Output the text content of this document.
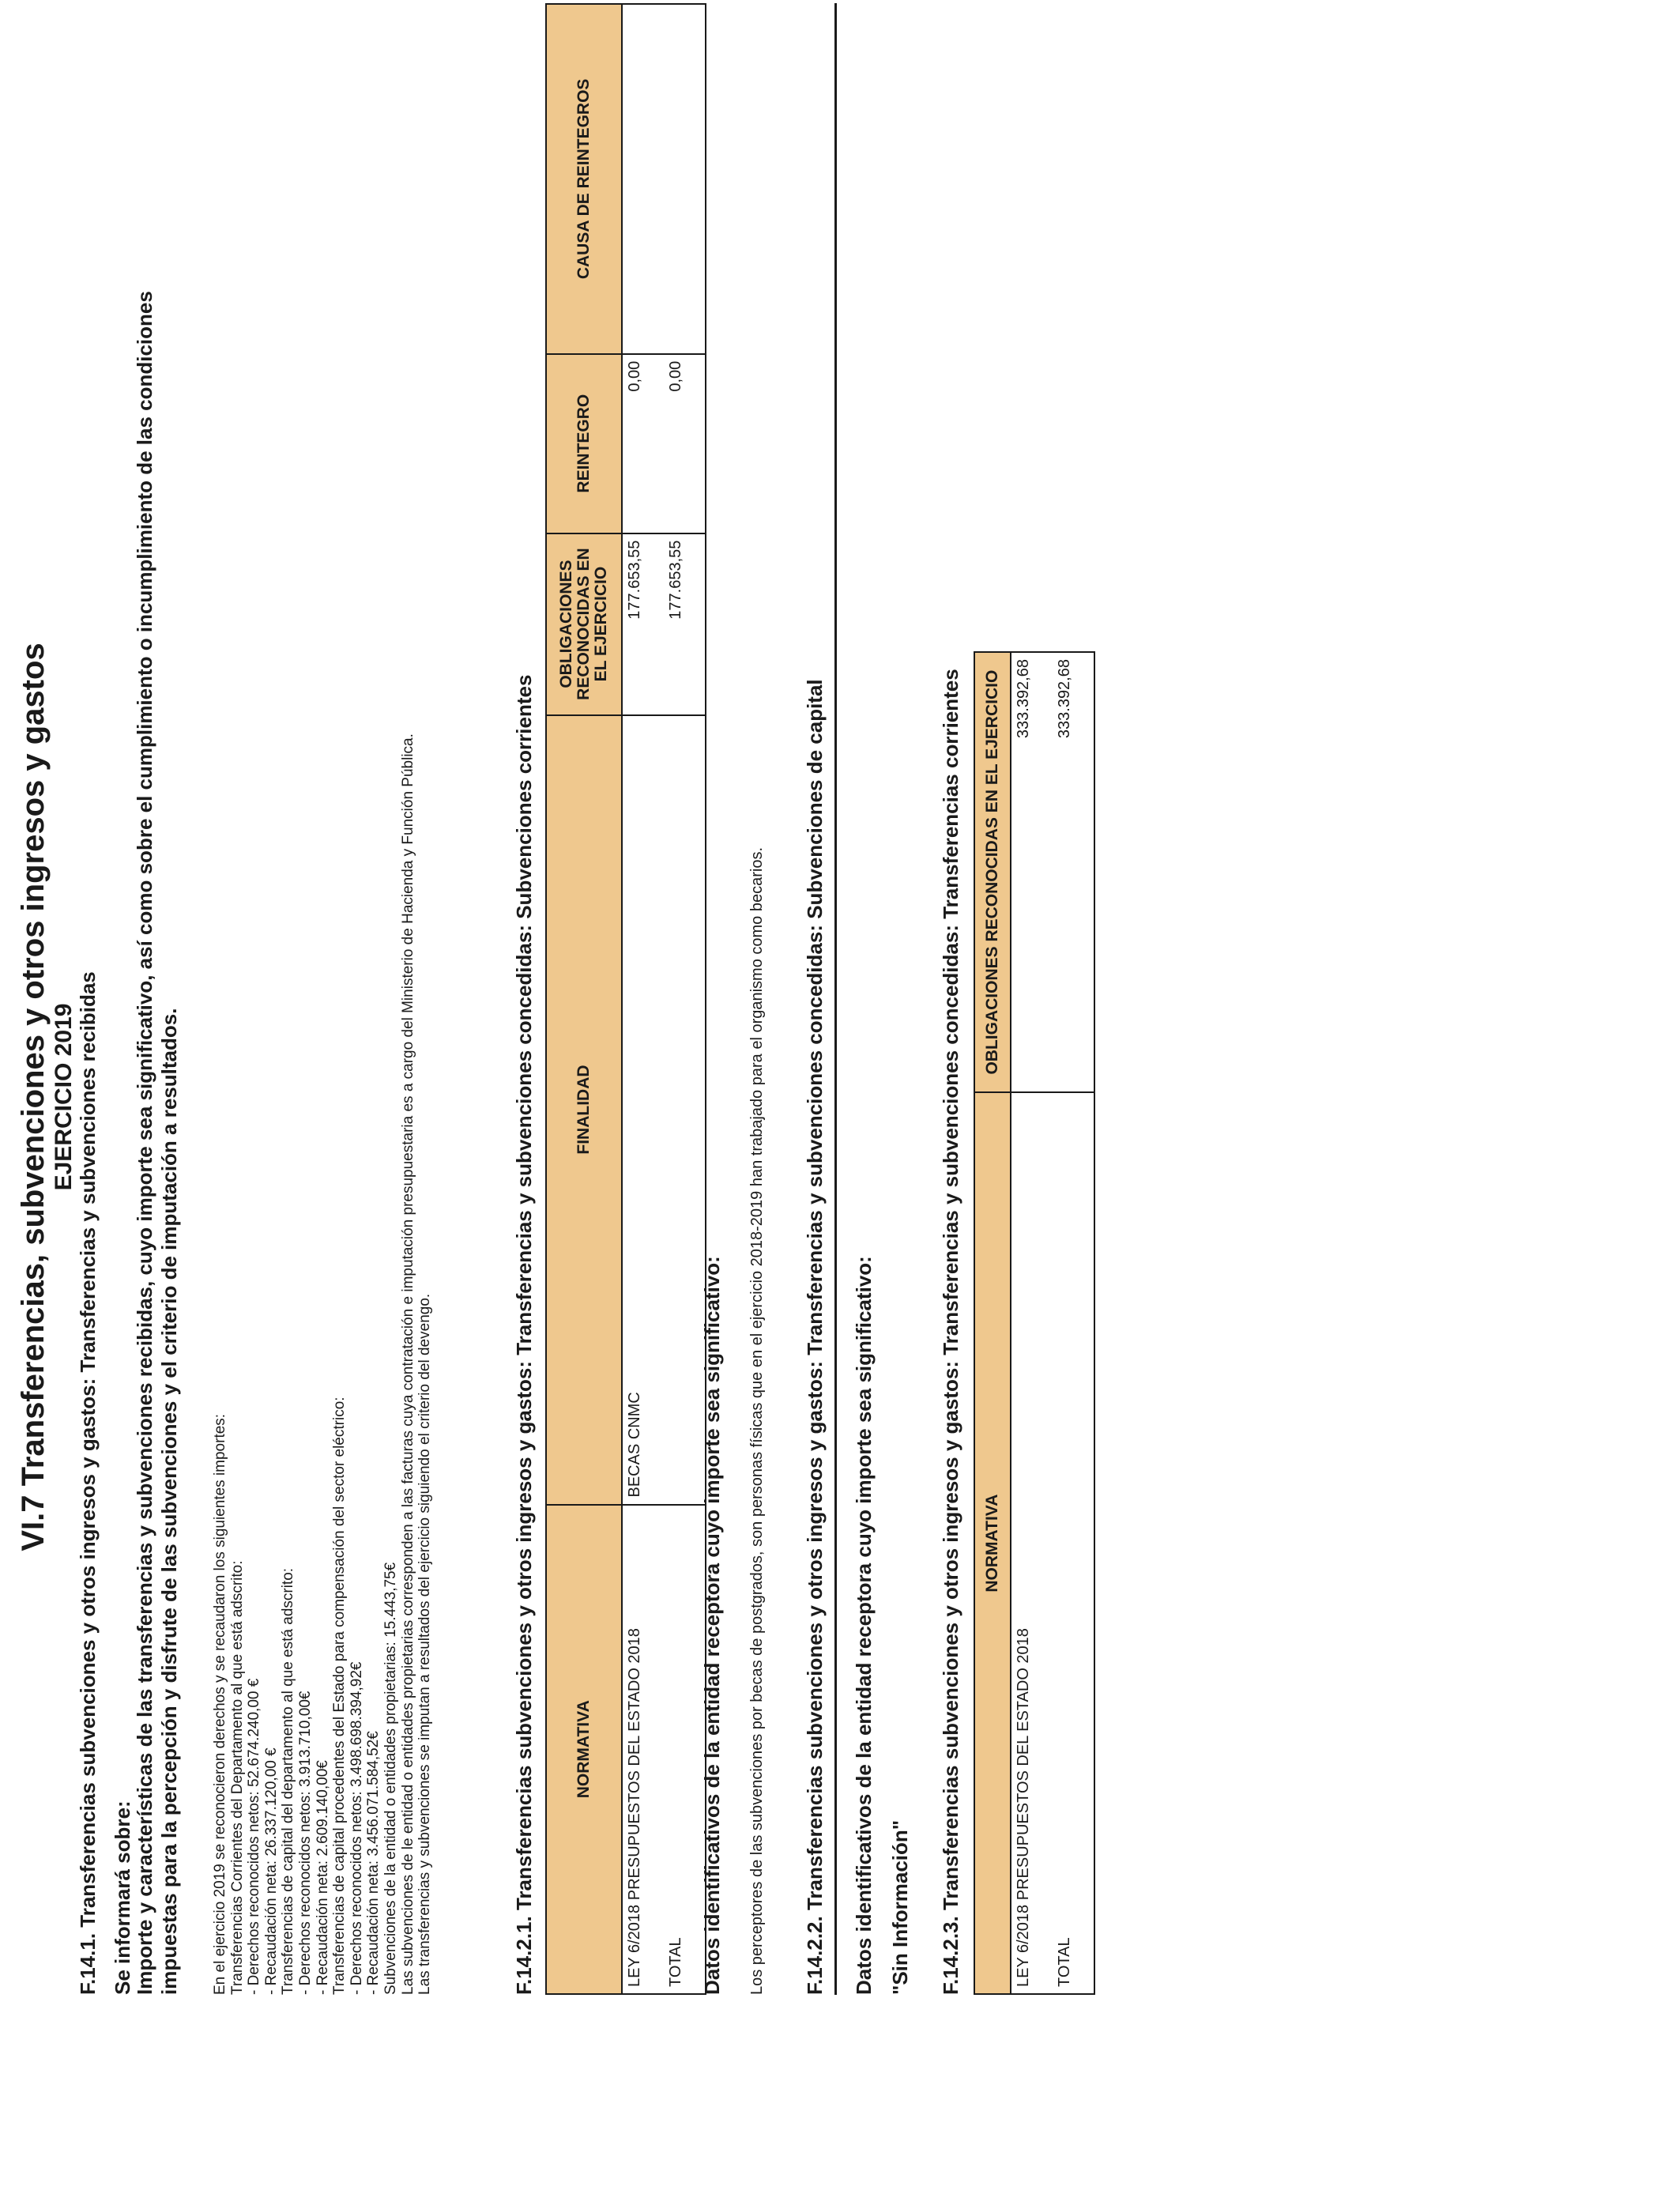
VI.7 Transferencias, subvenciones y otros ingresos y gastos EJERCICIO 2019 F.14.1. Transferencias subvenciones y otros ingresos y gastos: Transferencias y subvenciones recibidas Se informará sobre:
Importe y características de las transferencias y subvenciones recibidas, cuyo importe sea significativo, así como sobre el cumplimiento o incumplimiento de las condiciones impuestas para la percepción y disfrute de las subvenciones y el criterio de imputación a resultados. En el ejercicio 2019 se reconocieron derechos y se recaudaron los siguientes importes: Transferencias Corrientes del Departamento al que está adscrito: - Derechos reconocidos netos: 52.674.240,00 € - Recaudación neta: 26.337.120,00 € Transferencias de capital del departamento al que está adscrito: - Derechos reconocidos netos: 3.913.710,00€ - Recaudación neta: 2.609.140,00€ Transferencias de capital procedentes del Estado para compensación del sector eléctrico: - Derechos reconocidos netos: 3.498.698.394,92€ - Recaudación neta: 3.456.071.584,52€ Subvenciones de la entidad o entidades propietarias: 15.443,75€ Las subvenciones de le entidad o entidades propietarias corresponden a las facturas cuya contratación e imputación presupuestaria es a cargo del Ministerio de Hacienda y Función Pública. Las transferencias y subvenciones se imputan a resultados del ejercicio siguiendo el criterio del devengo.	F.14.2.1. Transferencias subvenciones y otros ingresos y gastos: Transferencias y subvenciones concedidas: Subvenciones corrientes NORMATIVA	FINALIDAD	OBLIGACIONES RECONOCIDAS EN EL EJERCICIO	REINTEGRO	CAUSA DE REINTEGROS
LEY 6/2018 PRESUPUESTOS DEL ESTADO 2018	BECAS CNMC	177.653,55	0,00	
TOTAL		177.653,55	0,00	
Datos identificativos de la entidad receptora cuyo importe sea significativo: Los perceptores de las subvenciones por becas de postgrados, son personas físicas que en el ejercicio 2018-2019 han trabajado para el organismo como becarios. F.14.2.2. Transferencias subvenciones y otros ingresos y gastos: Transferencias y subvenciones concedidas: Subvenciones de capital Datos identificativos de la entidad receptora cuyo importe sea significativo: "Sin Información" F.14.2.3. Transferencias subvenciones y otros ingresos y gastos: Transferencias y subvenciones concedidas: Transferencias corrientes NORMATIVA	OBLIGACIONES RECONOCIDAS EN EL EJERCICIO
LEY 6/2018 PRESUPUESTOS DEL ESTADO 2018	333.392,68
TOTAL	333.392,68
